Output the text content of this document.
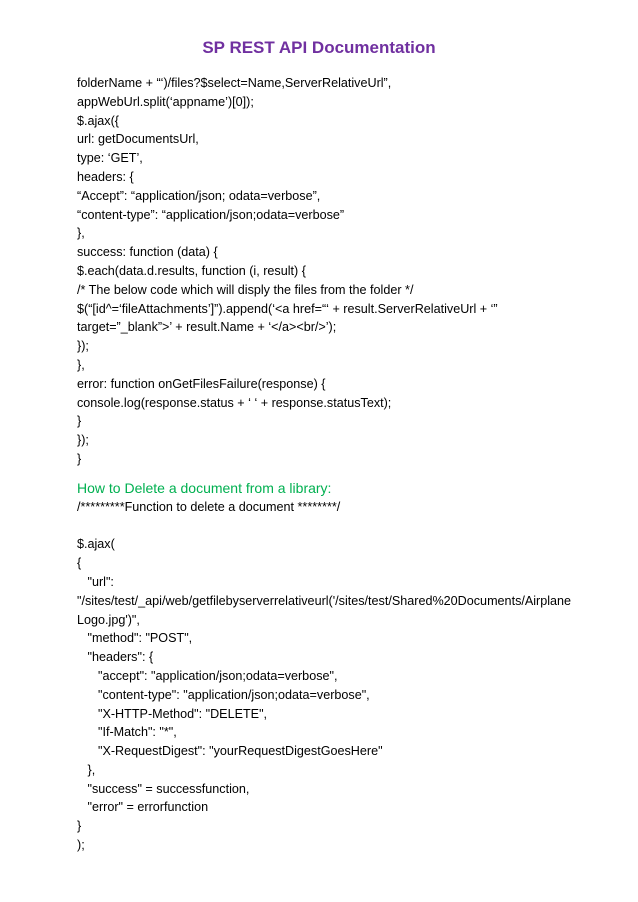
SP REST API Documentation

folderName + “‘)/files?$select=Name,ServerRelativeUrl”,

appWebUrl.split(‘appname’)[0]);

$.ajax({

url: getDocumentsUrl,

type: ‘GET’,

headers: {

“Accept”: “application/json; odata=verbose”,

“content-type”: “application/json;odata=verbose”

},

success: function (data) {

$.each(data.d.results, function (i, result) {

/* The below code which will disply the files from the folder */

$(“[id^=‘fileAttachments’]”).append(‘<a href=“‘ + result.ServerRelativeUrl + ‘”

target=”_blank”>’ + result.Name + ‘</a><br/>’);

});

},

error: function onGetFilesFailure(response) {

console.log(response.status + ‘ ‘ + response.statusText);

}

});

}

How to Delete a document from a library:

/*********Function to delete a document ********/

$.ajax(

{

"url":

"/sites/test/_api/web/getfilebyserverrelativeurl('/sites/test/Shared%20Documents/Airplane

Logo.jpg')",

"method": "POST",

"headers": {

"accept": "application/json;odata=verbose",

"content-type": "application/json;odata=verbose",

"X-HTTP-Method": "DELETE",

"If-Match": "*",

"X-RequestDigest": "yourRequestDigestGoesHere"

},

"success" = successfunction,

"error" = errorfunction

}

);
